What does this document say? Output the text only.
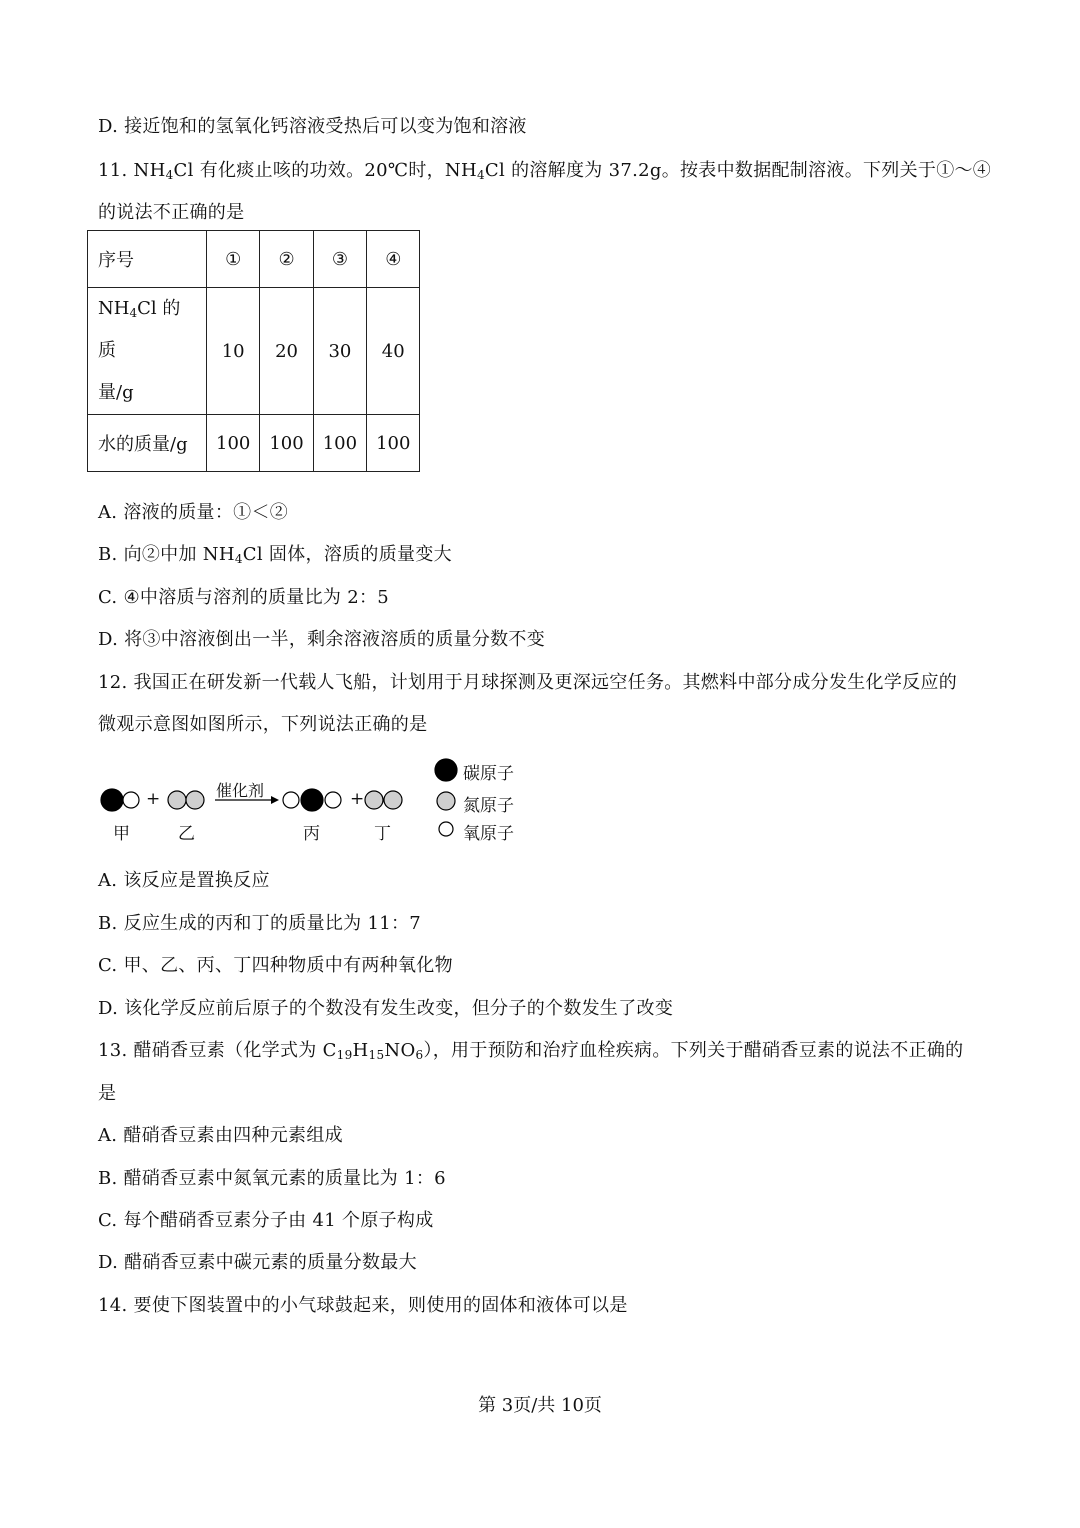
D. 接近饱和的氢氧化钙溶液受热后可以变为饱和溶液
11. $NH_4Cl$ 有化痰止咳的功效。20℃时，$NH_4Cl$ 的溶解度为 37.2g。按表中数据配制溶液。下列关于①～④
的说法不正确的是
序号	①	②	③	④
$NH_4Cl$ 的质
量/g	10	20	30	40
水的质量/g	100	100	100	100
A. 溶液的质量：①＜②
B. 向②中加 $NH_4Cl$ 固体，溶质的质量变大
C. ④中溶质与溶剂的质量比为 2：5
D. 将③中溶液倒出一半，剩余溶液溶质的质量分数不变
12. 我国正在研发新一代载人飞船，计划用于月球探测及更深远空任务。其燃料中部分成分发生化学反应的
微观示意图如图所示，下列说法正确的是
+	+
催化剂
甲	乙	丙	丁
碳原子
氮原子
氧原子
A. 该反应是置换反应
B. 反应生成的丙和丁的质量比为 11：7
C. 甲、乙、丙、丁四种物质中有两种氧化物
D. 该化学反应前后原子的个数没有发生改变，但分子的个数发生了改变
13. 醋硝香豆素（化学式为 $C_{19}H_{15}NO_6$），用于预防和治疗血栓疾病。下列关于醋硝香豆素的说法不正确的
是
A. 醋硝香豆素由四种元素组成
B. 醋硝香豆素中氮氧元素的质量比为 1：6
C. 每个醋硝香豆素分子由 41 个原子构成
D. 醋硝香豆素中碳元素的质量分数最大
14. 要使下图装置中的小气球鼓起来，则使用的固体和液体可以是
第 3页/共 10页
